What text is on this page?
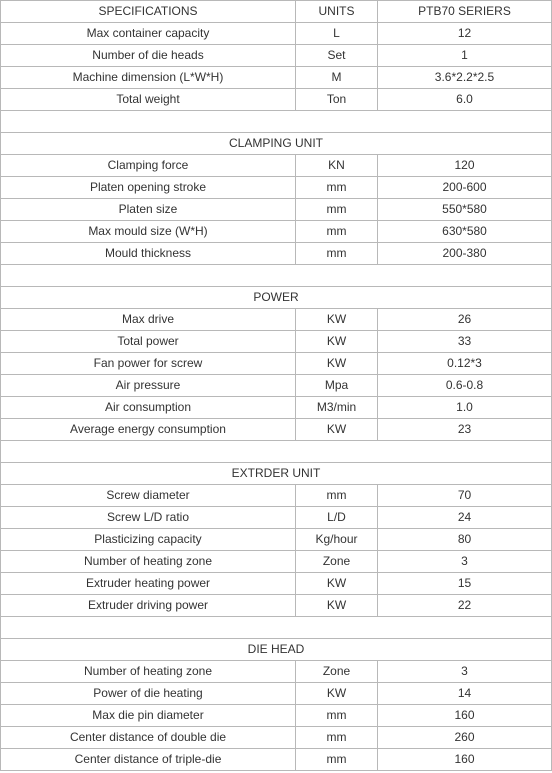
SPECIFICATIONS	UNITS	PTB70 SERIERS
Max container capacity	L	12
Number of die heads	Set	1
Machine dimension (L*W*H)	M	3.6*2.2*2.5
Total weight	Ton	6.0

CLAMPING UNIT		
Clamping force	KN	120
Platen opening stroke	mm	200-600
Platen size	mm	550*580
Max mould size (W*H)	mm	630*580
Mould thickness	mm	200-380

POWER		
Max drive	KW	26
Total power	KW	33
Fan power for screw	KW	0.12*3
Air pressure	Mpa	0.6-0.8
Air consumption	M3/min	1.0
Average energy consumption	KW	23

EXTRDER UNIT		
Screw diameter	mm	70
Screw L/D ratio	L/D	24
Plasticizing capacity	Kg/hour	80
Number of heating zone	Zone	3
Extruder heating power	KW	15
Extruder driving power	KW	22

DIE HEAD		
Number of heating zone	Zone	3
Power of die heating	KW	14
Max die pin diameter	mm	160
Center distance of double die	mm	260
Center distance of triple-die	mm	160
